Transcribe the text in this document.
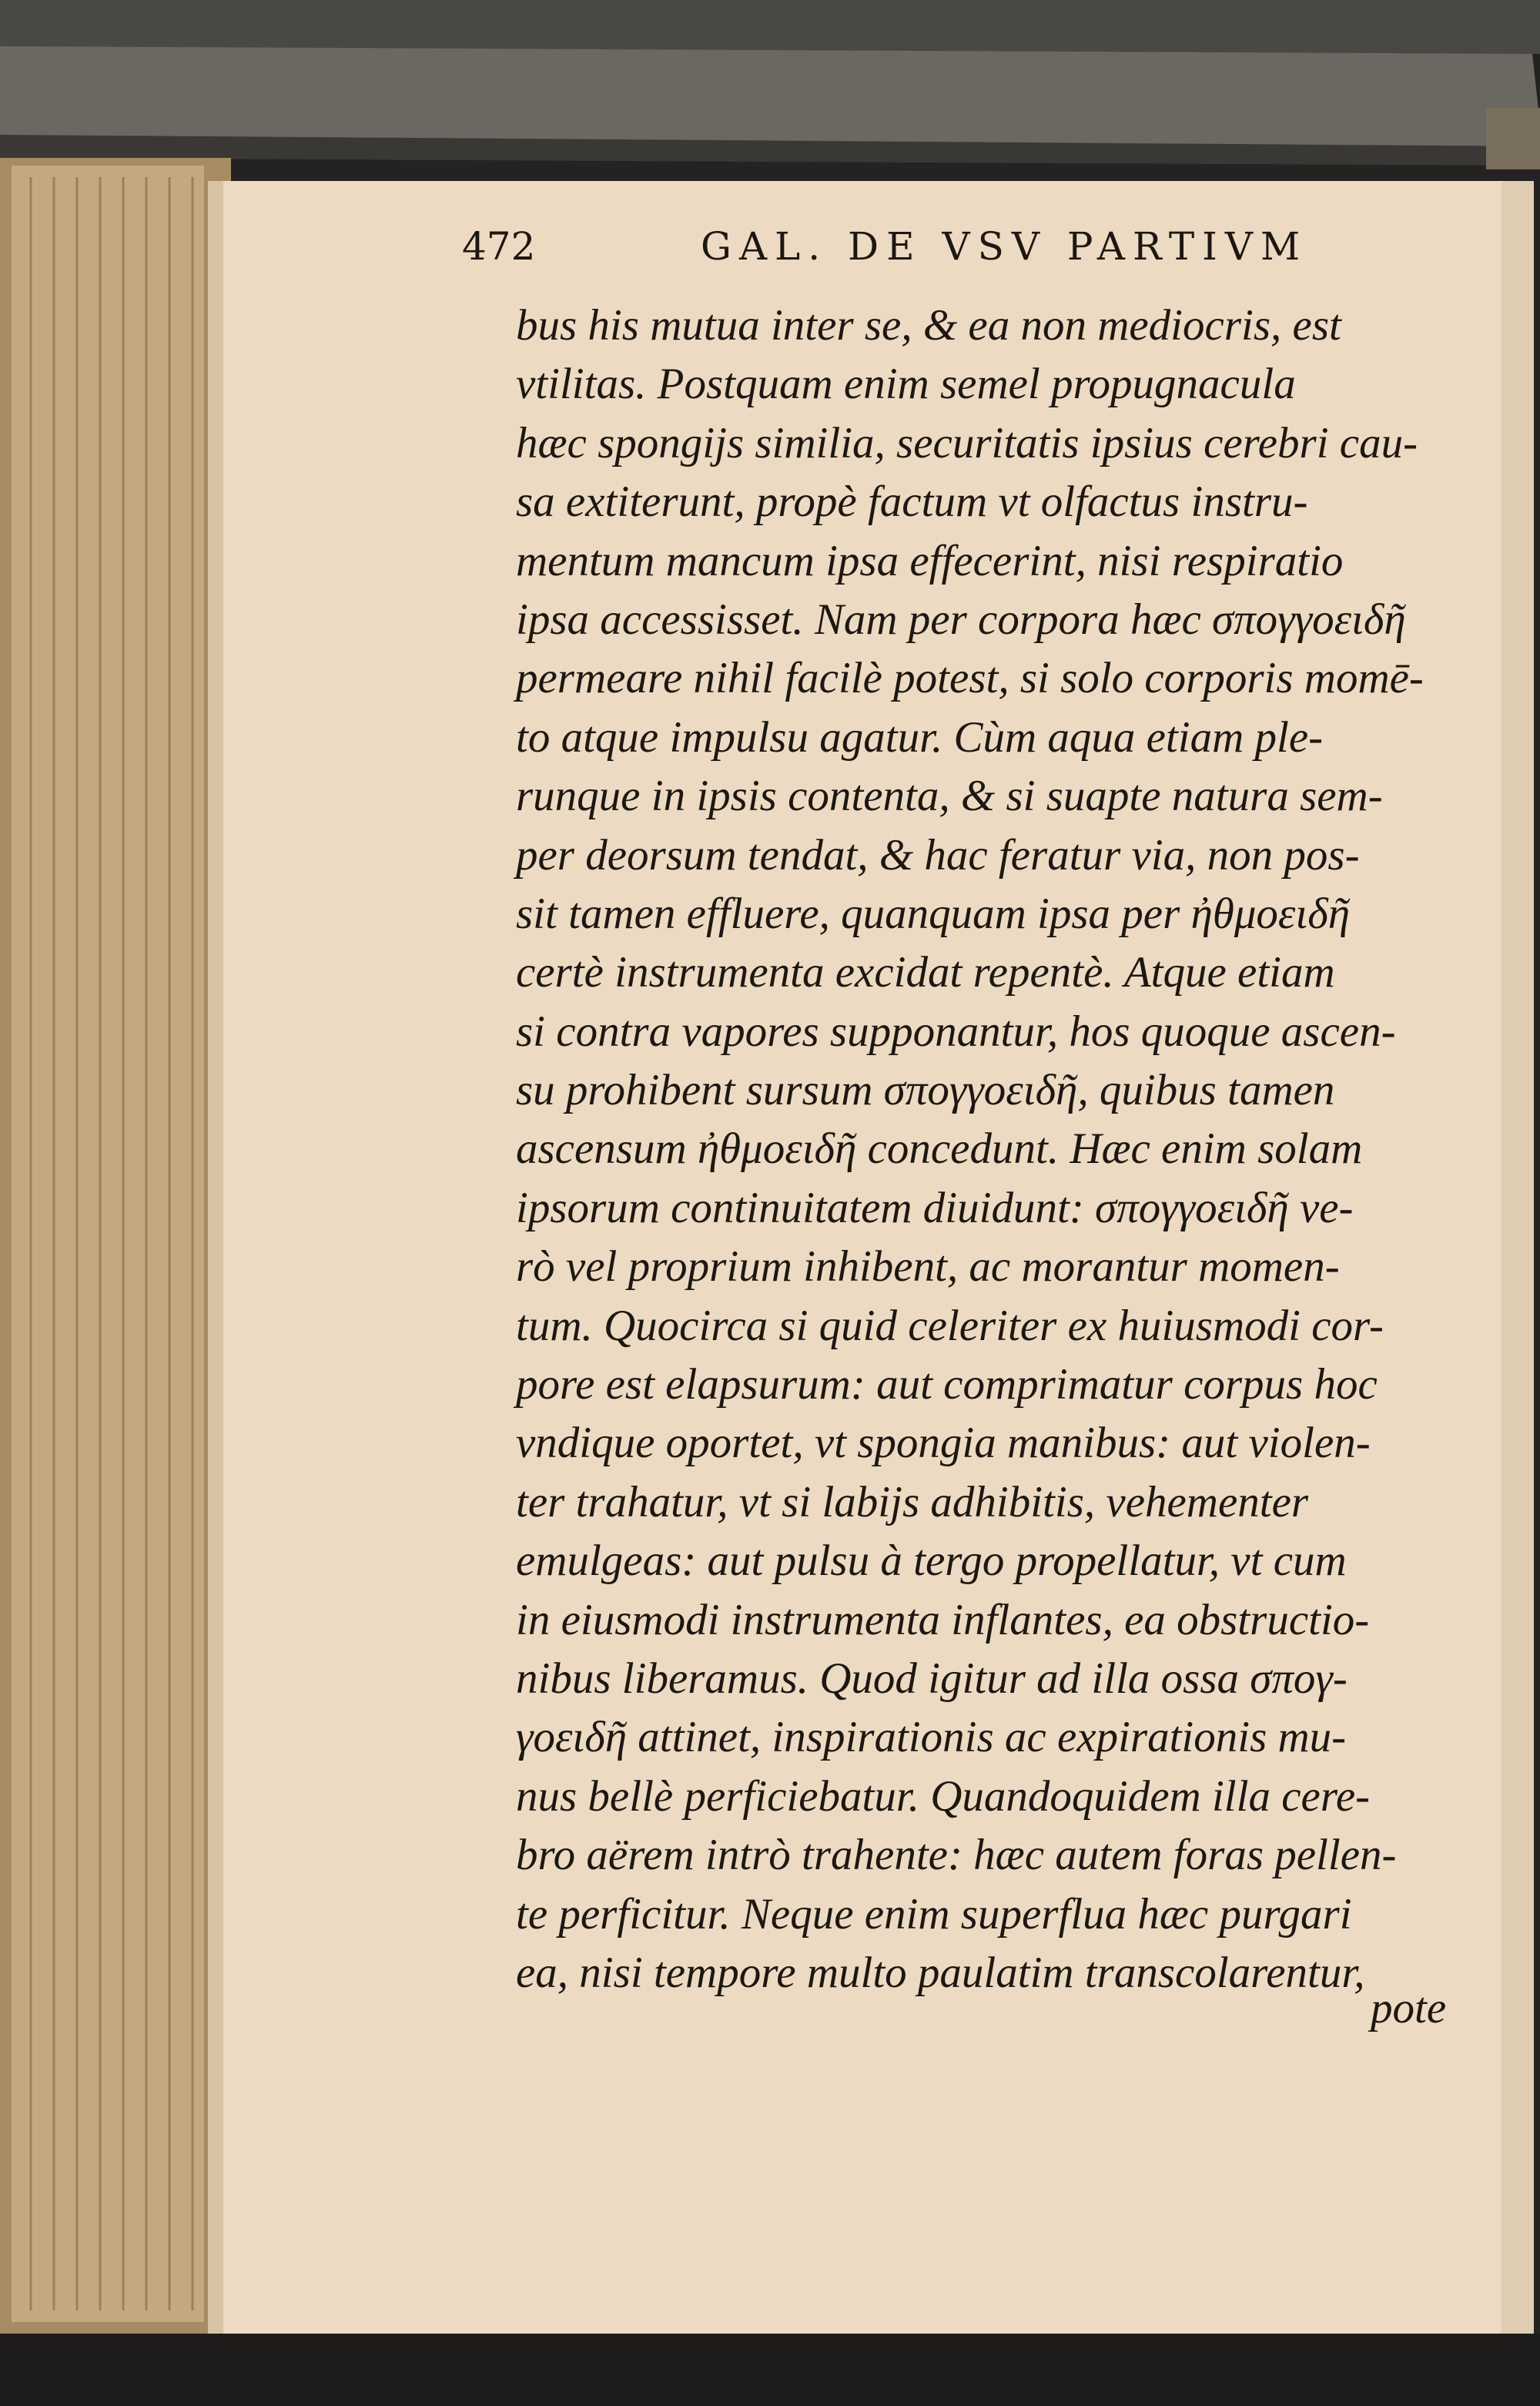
472	GAL. DE VSV PARTIVM
bus his mutua inter se, & ea non mediocris, est
vtilitas. Postquam enim semel propugnacula
hæc spongijs similia, securitatis ipsius cerebri cau-
sa extiterunt, propè factum vt olfactus instru-
mentum mancum ipsa effecerint, nisi respiratio
ipsa accessisset. Nam per corpora hæc σπογγοειδῆ
permeare nihil facilè potest, si solo corporis momē-
to atque impulsu agatur. Cùm aqua etiam ple-
runque in ipsis contenta, & si suapte natura sem-
per deorsum tendat, & hac feratur via, non pos-
sit tamen effluere, quanquam ipsa per ἠθμοειδῆ
certè instrumenta excidat repentè. Atque etiam
si contra vapores supponantur, hos quoque ascen-
su prohibent sursum σπογγοειδῆ, quibus tamen
ascensum ἠθμοειδῆ concedunt. Hæc enim solam
ipsorum continuitatem diuidunt: σπογγοειδῆ ve-
rò vel proprium inhibent, ac morantur momen-
tum. Quocirca si quid celeriter ex huiusmodi cor-
pore est elapsurum: aut comprimatur corpus hoc
vndique oportet, vt spongia manibus: aut violen-
ter trahatur, vt si labijs adhibitis, vehementer
emulgeas: aut pulsu à tergo propellatur, vt cum
in eiusmodi instrumenta inflantes, ea obstructio-
nibus liberamus. Quod igitur ad illa ossa σπογ-
γοειδῆ attinet, inspirationis ac expirationis mu-
nus bellè perficiebatur. Quandoquidem illa cere-
bro aërem intrò trahente: hæc autem foras pellen-
te perficitur. Neque enim superflua hæc purgari
ea, nisi tempore multo paulatim transcolarentur,
pote
